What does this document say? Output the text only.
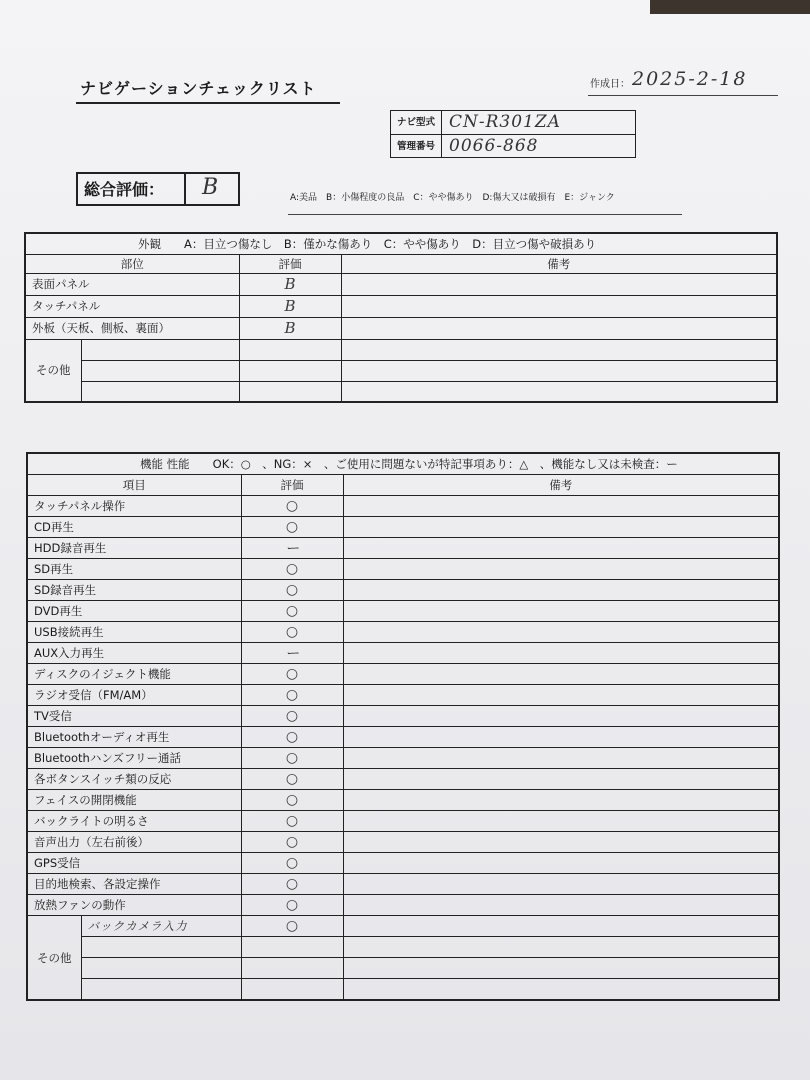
ナビゲーションチェックリスト	作成日： 2025-2-18
ナビ型式 CN-R301ZA
管理番号 0066-868
総合評価： B	A:美品　B：小傷程度の良品　C：やや傷あり　D:傷大又は破損有　E：ジャンク
外観　　A：目立つ傷なし　B：僅かな傷あり　C：やや傷あり　D：目立つ傷や破損あり			
部位		評価	備考
表面パネル		B	
タッチパネル		B	
外板（天板、側板、裏面）		B	
その他			

機能 性能　　OK：○　、NG：×　、ご使用に問題ないが特記事項あり：△　、機能なし又は未検査：ー			
項目		評価	備考
タッチパネル操作		○	
CD再生		○	
HDD録音再生		ー	
SD再生		○	
SD録音再生		○	
DVD再生		○	
USB接続再生		○	
AUX入力再生		ー	
ディスクのイジェクト機能		○	
ラジオ受信（FM/AM）		○	
TV受信		○	
Bluetoothオーディオ再生		○	
Bluetoothハンズフリー通話		○	
各ボタンスイッチ類の反応		○	
フェイスの開閉機能		○	
バックライトの明るさ		○	
音声出力（左右前後）		○	
GPS受信		○	
目的地検索、各設定操作		○	
放熱ファンの動作		○	
その他	バックカメラ入力	○	
